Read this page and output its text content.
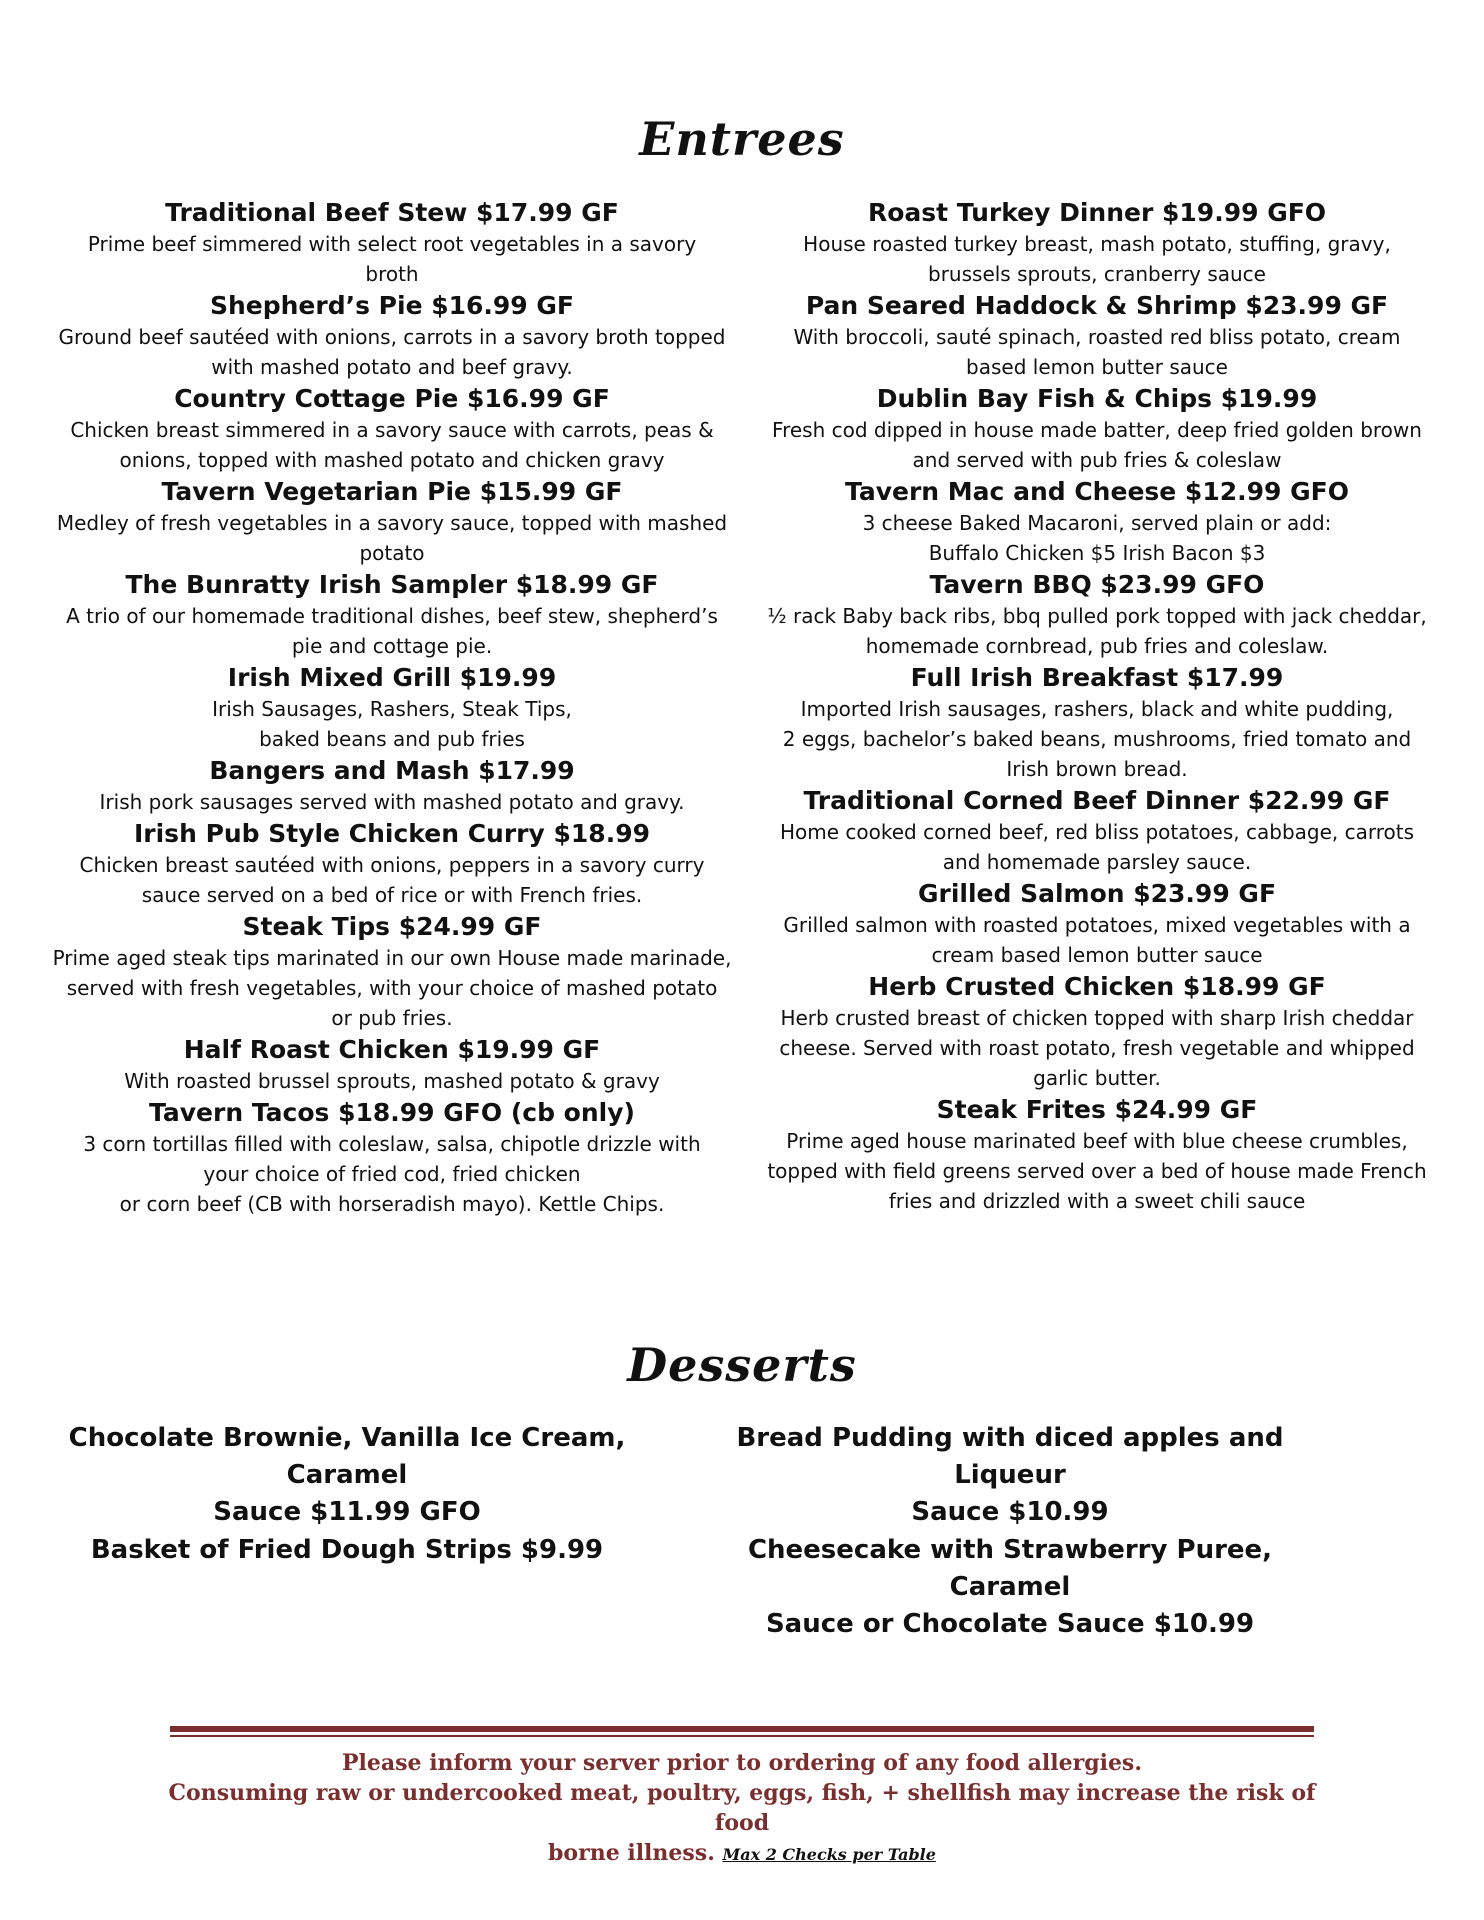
Entrees
Traditional Beef Stew $17.99 GF
Prime beef simmered with select root vegetables in a savory
broth
Shepherd’s Pie $16.99 GF
Ground beef sautéed with onions, carrots in a savory broth topped
with mashed potato and beef gravy.
Country Cottage Pie $16.99 GF
Chicken breast simmered in a savory sauce with carrots, peas &
onions, topped with mashed potato and chicken gravy
Tavern Vegetarian Pie $15.99 GF
Medley of fresh vegetables in a savory sauce, topped with mashed
potato
The Bunratty Irish Sampler $18.99 GF
A trio of our homemade traditional dishes, beef stew, shepherd’s
pie and cottage pie.
Irish Mixed Grill $19.99
Irish Sausages, Rashers, Steak Tips,
baked beans and pub fries
Bangers and Mash $17.99
Irish pork sausages served with mashed potato and gravy.
Irish Pub Style Chicken Curry $18.99
Chicken breast sautéed with onions, peppers in a savory curry
sauce served on a bed of rice or with French fries.
Steak Tips $24.99 GF
Prime aged steak tips marinated in our own House made marinade,
served with fresh vegetables, with your choice of mashed potato
or pub fries.
Half Roast Chicken $19.99 GF
With roasted brussel sprouts, mashed potato & gravy
Tavern Tacos $18.99 GFO (cb only)
3 corn tortillas filled with coleslaw, salsa, chipotle drizzle with
your choice of fried cod, fried chicken
or corn beef (CB with horseradish mayo). Kettle Chips.
Roast Turkey Dinner $19.99 GFO
House roasted turkey breast, mash potato, stuffing, gravy,
brussels sprouts, cranberry sauce
Pan Seared Haddock & Shrimp $23.99 GF
With broccoli, sauté spinach, roasted red bliss potato, cream
based lemon butter sauce
Dublin Bay Fish & Chips $19.99
Fresh cod dipped in house made batter, deep fried golden brown
and served with pub fries & coleslaw
Tavern Mac and Cheese $12.99 GFO
3 cheese Baked Macaroni, served plain or add:
Buffalo Chicken $5 Irish Bacon $3
Tavern BBQ $23.99 GFO
½ rack Baby back ribs, bbq pulled pork topped with jack cheddar,
homemade cornbread, pub fries and coleslaw.
Full Irish Breakfast $17.99
Imported Irish sausages, rashers, black and white pudding,
2 eggs, bachelor’s baked beans, mushrooms, fried tomato and
Irish brown bread.
Traditional Corned Beef Dinner $22.99 GF
Home cooked corned beef, red bliss potatoes, cabbage, carrots
and homemade parsley sauce.
Grilled Salmon $23.99 GF
Grilled salmon with roasted potatoes, mixed vegetables with a
cream based lemon butter sauce
Herb Crusted Chicken $18.99 GF
Herb crusted breast of chicken topped with sharp Irish cheddar
cheese. Served with roast potato, fresh vegetable and whipped
garlic butter.
Steak Frites $24.99 GF
Prime aged house marinated beef with blue cheese crumbles,
topped with field greens served over a bed of house made French
fries and drizzled with a sweet chili sauce
Desserts
Chocolate Brownie, Vanilla Ice Cream, Caramel
Sauce $11.99 GFO
Bread Pudding with diced apples and Liqueur
Sauce $10.99
Basket of Fried Dough Strips $9.99	Cheesecake with Strawberry Puree, Caramel
Sauce or Chocolate Sauce $10.99

Please inform your server prior to ordering of any food allergies.

Consuming raw or undercooked meat, poultry, eggs, fish, + shellfish may increase the risk of food

borne illness. Max 2 Checks per Table
